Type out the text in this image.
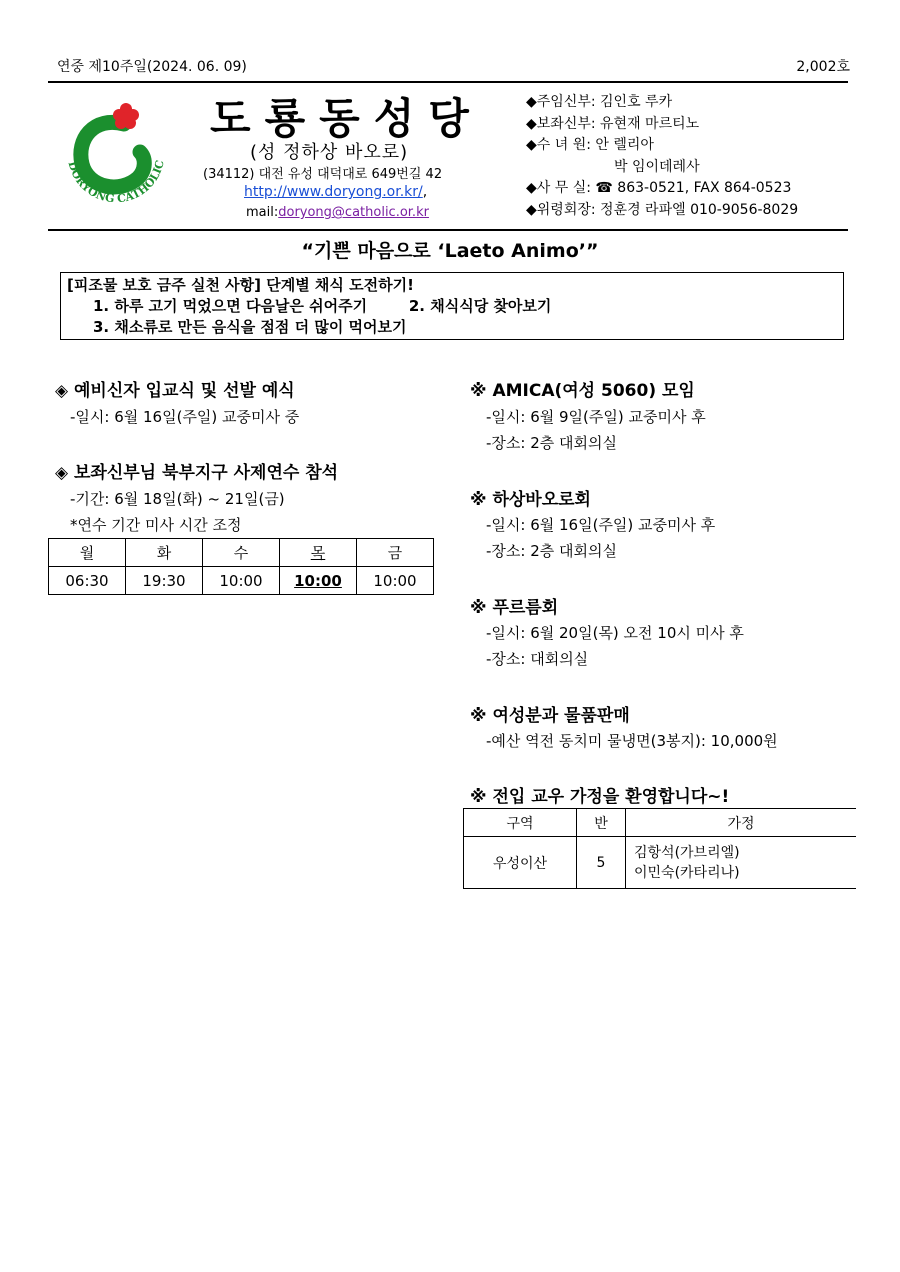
연중 제10주일(2024. 06. 09)	2,002호
DORYONG CATHOLIC
도룡동성당
(성 정하상 바오로)
(34112) 대전 유성 대덕대로 649번길 42
http://www.doryong.or.kr/,
mail:doryong@catholic.or.kr
◆주임신부: 김인호 루카
◆보좌신부: 유현재 마르티노
◆수 녀 원: 안 렐리아
박 임이데레사
◆사 무 실: ☎ 863-0521, FAX 864-0523
◆위령회장: 정훈경 라파엘 010-9056-8029
“기쁜 마음으로 ‘Laeto Animo’”
[피조물 보호 금주 실천 사항] 단계별 채식 도전하기!
1. 하루 고기 먹었으면 다음날은 쉬어주기        2. 채식식당 찾아보기
3. 채소류로 만든 음식을 점점 더 많이 먹어보기
◈ 예비신자 입교식 및 선발 예식
-일시: 6월 16일(주일) 교중미사 중
◈ 보좌신부님 북부지구 사제연수 참석
-기간: 6월 18일(화) ~ 21일(금)
*연수 기간 미사 시간 조정
월	화	수	목	금
06:30	19:30	10:00	10:00	10:00
※ AMICA(여성 5060) 모임
-일시: 6월 9일(주일) 교중미사 후
-장소: 2층 대회의실
※ 하상바오로회
-일시: 6월 16일(주일) 교중미사 후
-장소: 2층 대회의실
※ 푸르름회
-일시: 6월 20일(목) 오전 10시 미사 후
-장소: 대회의실
※ 여성분과 물품판매
-예산 역전 동치미 물냉면(3봉지): 10,000원
※ 전입 교우 가정을 환영합니다~!
구역	반	가정
우성이산	5	김항석(가브리엘)
이민숙(카타리나)
